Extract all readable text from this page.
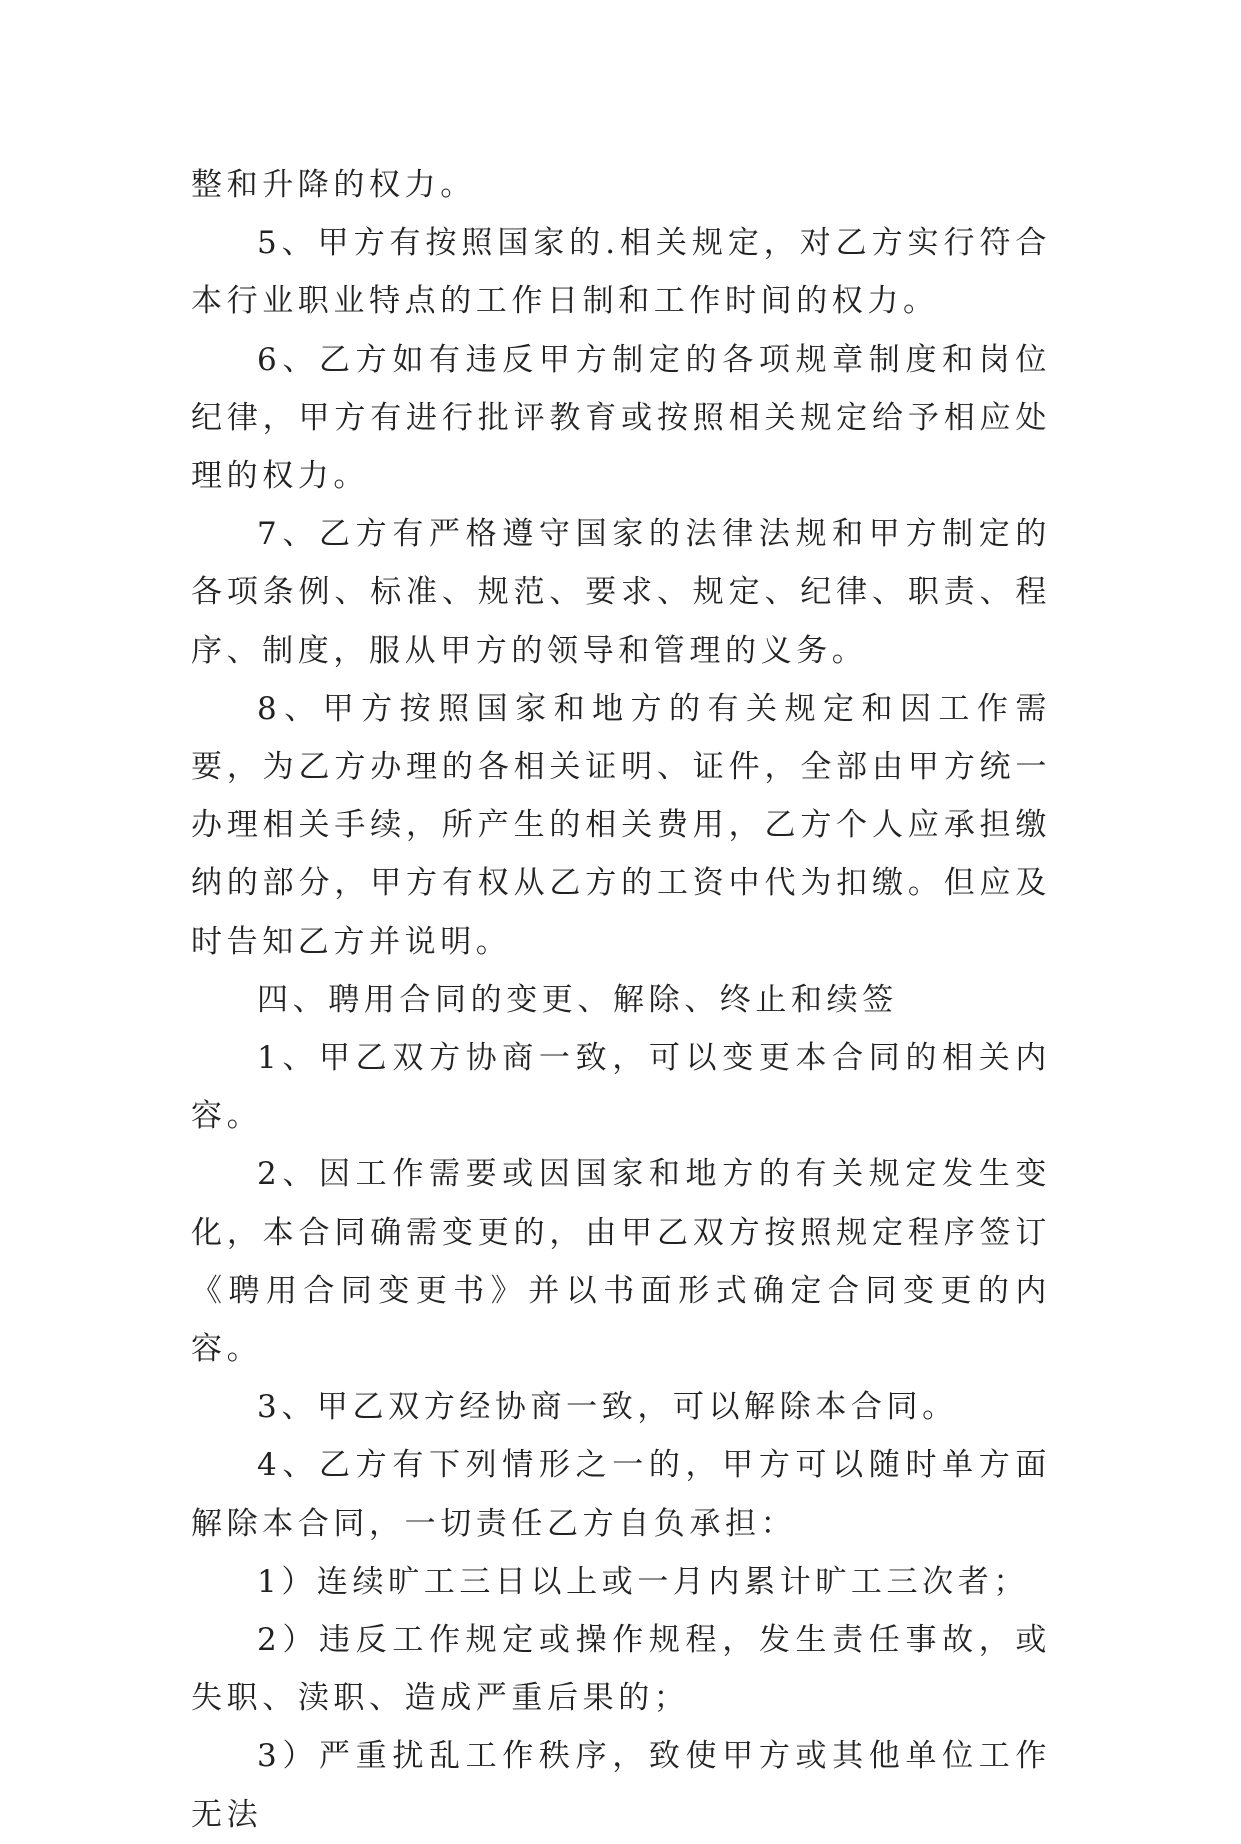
整和升降的权力。

5、甲方有按照国家的.相关规定，对乙方实行符合本行业职业特点的工作日制和工作时间的权力。

6、乙方如有违反甲方制定的各项规章制度和岗位纪律，甲方有进行批评教育或按照相关规定给予相应处理的权力。

7、乙方有严格遵守国家的法律法规和甲方制定的各项条例、标准、规范、要求、规定、纪律、职责、程序、制度，服从甲方的领导和管理的义务。

8、甲方按照国家和地方的有关规定和因工作需要，为乙方办理的各相关证明、证件，全部由甲方统一办理相关手续，所产生的相关费用，乙方个人应承担缴纳的部分，甲方有权从乙方的工资中代为扣缴。但应及时告知乙方并说明。

四、聘用合同的变更、解除、终止和续签

1、甲乙双方协商一致，可以变更本合同的相关内容。

2、因工作需要或因国家和地方的有关规定发生变化，本合同确需变更的，由甲乙双方按照规定程序签订《聘用合同变更书》并以书面形式确定合同变更的内容。

3、甲乙双方经协商一致，可以解除本合同。

4、乙方有下列情形之一的，甲方可以随时单方面解除本合同，一切责任乙方自负承担：

1）连续旷工三日以上或一月内累计旷工三次者；

2）违反工作规定或操作规程，发生责任事故，或失职、渎职、造成严重后果的；

3）严重扰乱工作秩序，致使甲方或其他单位工作无法
